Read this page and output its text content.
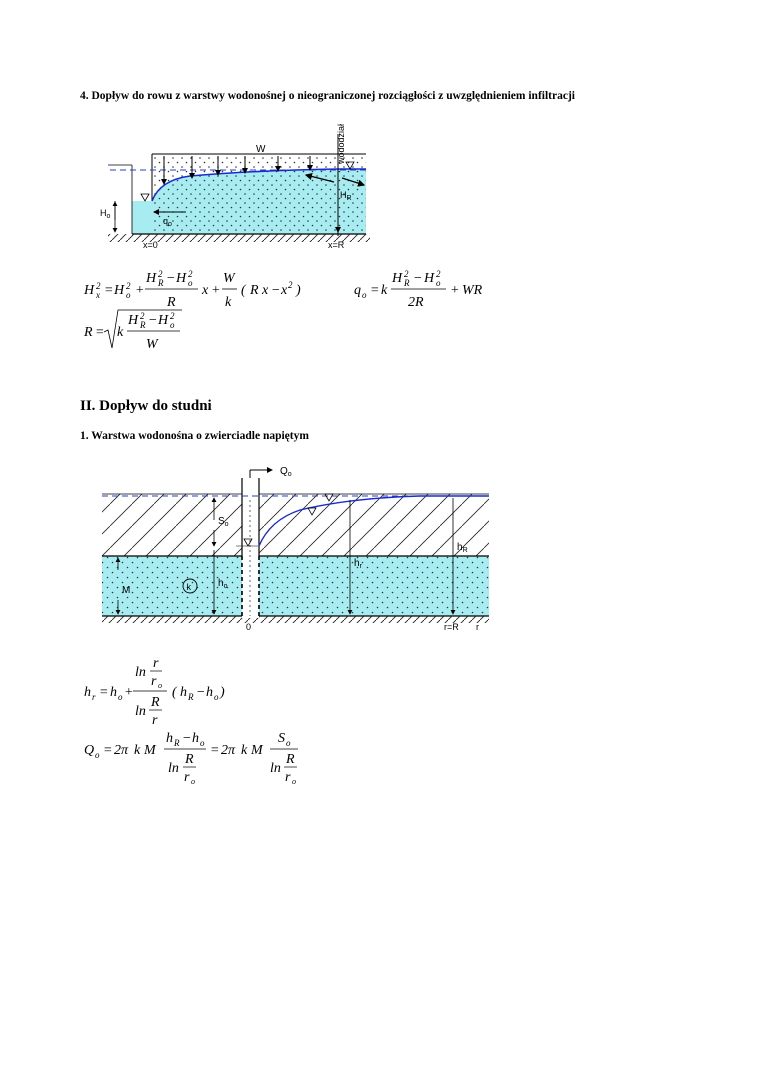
4. Dopływ do rowu z warstwy wodonośnej o nieograniczonej rozciągłości z uwzględnieniem infiltracji
W	wododział
$H_R$
$H_o$	$q_o$
x=0	x=R
H 2
x = H 2
o +
H 2
R − H 2
o
R
x +
W
k
( R x − x 2 )	q o = k
H 2
R − H 2
o
2R
+ WR
R = k
H 2
R − H 2
o
W
II. Dopływ do studni
1. Warstwa wodonośna o zwierciadle napiętym
$Q_o$
$S_o$
$h_o$
M	k
$h_r$
$h_R$
0	r=R r
h r = h o +
ln
r
r o
ln
R
r
( h R − h o )
Q o = 2π k M
h R − h o
ln
R
r o
= 2π k M
S o
ln
R
r o
